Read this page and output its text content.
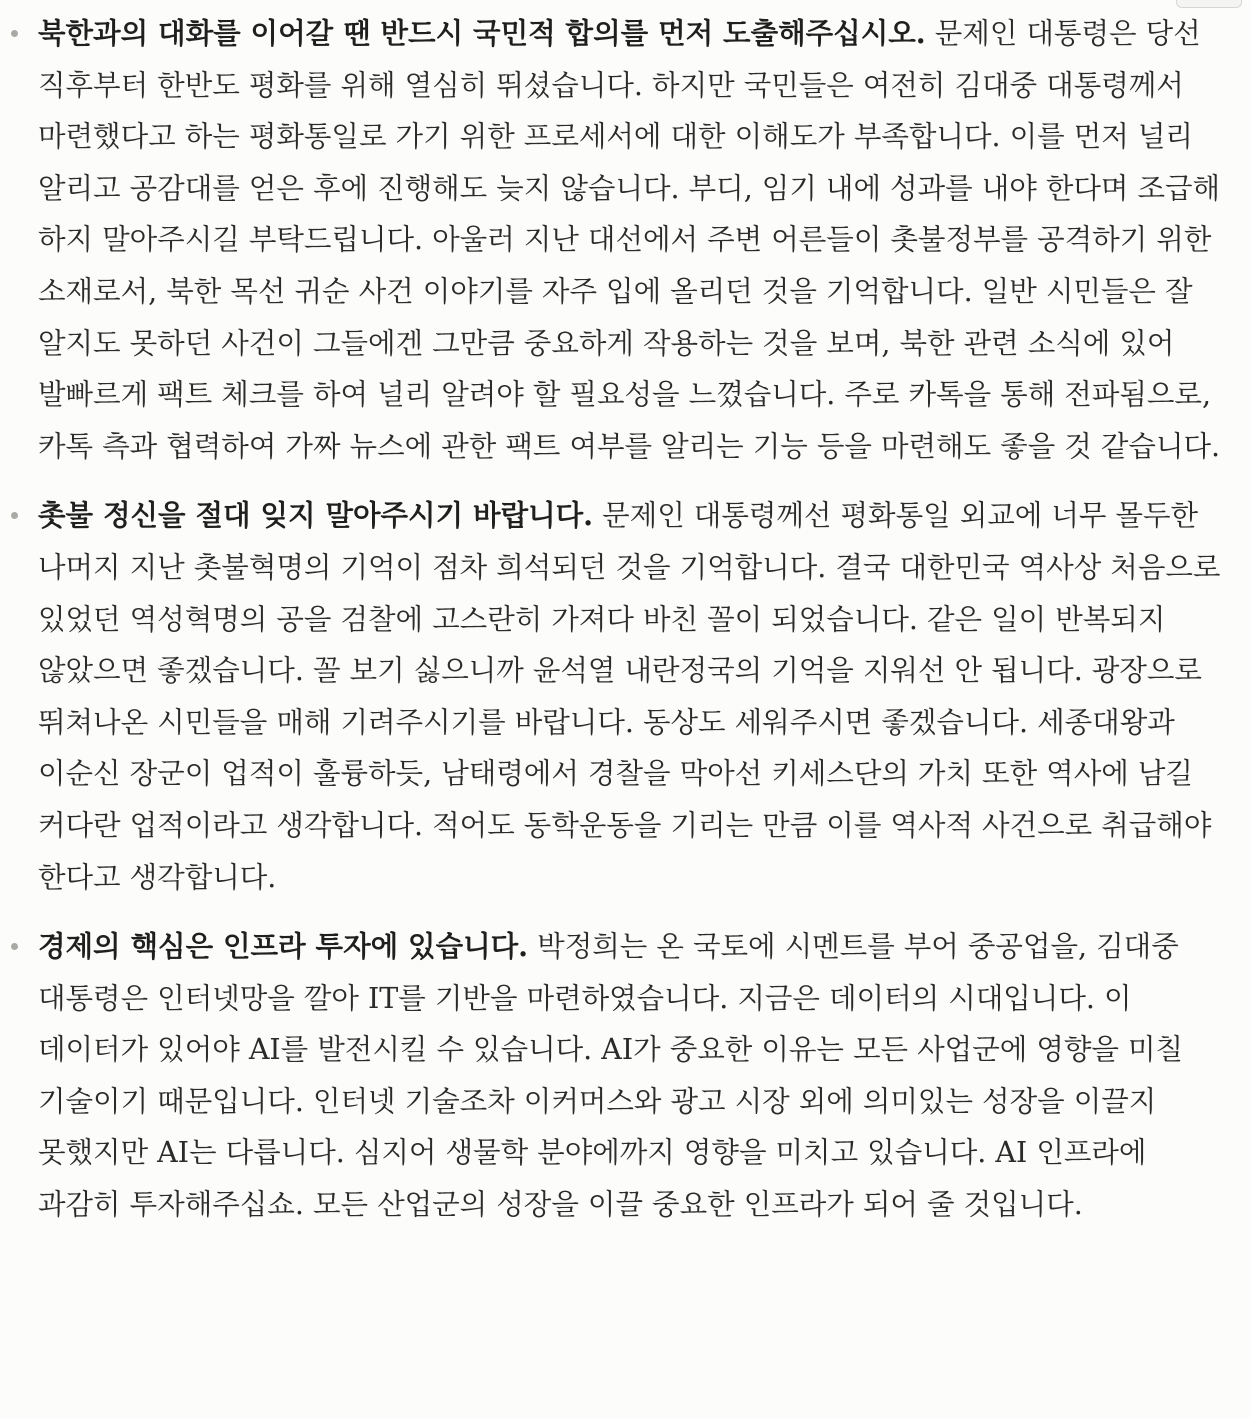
북한과의 대화를 이어갈 땐 반드시 국민적 합의를 먼저 도출해주십시오. 문제인 대통령은 당선 직후부터 한반도 평화를 위해 열심히 뛰셨습니다. 하지만 국민들은 여전히 김대중 대통령께서 마련했다고 하는 평화통일로 가기 위한 프로세서에 대한 이해도가 부족합니다. 이를 먼저 널리 알리고 공감대를 얻은 후에 진행해도 늦지 않습니다. 부디, 임기 내에 성과를 내야 한다며 조급해 하지 말아주시길 부탁드립니다. 아울러 지난 대선에서 주변 어른들이 촛불정부를 공격하기 위한 소재로서, 북한 목선 귀순 사건 이야기를 자주 입에 올리던 것을 기억합니다. 일반 시민들은 잘 알지도 못하던 사건이 그들에겐 그만큼 중요하게 작용하는 것을 보며, 북한 관련 소식에 있어 발빠르게 팩트 체크를 하여 널리 알려야 할 필요성을 느꼈습니다. 주로 카톡을 통해 전파됨으로, 카톡 측과 협력하여 가짜 뉴스에 관한 팩트 여부를 알리는 기능 등을 마련해도 좋을 것 같습니다.
촛불 정신을 절대 잊지 말아주시기 바랍니다. 문제인 대통령께선 평화통일 외교에 너무 몰두한 나머지 지난 촛불혁명의 기억이 점차 희석되던 것을 기억합니다. 결국 대한민국 역사상 처음으로 있었던 역성혁명의 공을 검찰에 고스란히 가져다 바친 꼴이 되었습니다. 같은 일이 반복되지 않았으면 좋겠습니다. 꼴 보기 싫으니까 윤석열 내란정국의 기억을 지워선 안 됩니다. 광장으로 뛰쳐나온 시민들을 매해 기려주시기를 바랍니다. 동상도 세워주시면 좋겠습니다. 세종대왕과 이순신 장군이 업적이 훌륭하듯, 남태령에서 경찰을 막아선 키세스단의 가치 또한 역사에 남길 커다란 업적이라고 생각합니다. 적어도 동학운동을 기리는 만큼 이를 역사적 사건으로 취급해야 한다고 생각합니다.
경제의 핵심은 인프라 투자에 있습니다. 박정희는 온 국토에 시멘트를 부어 중공업을, 김대중 대통령은 인터넷망을 깔아 IT를 기반을 마련하였습니다. 지금은 데이터의 시대입니다. 이 데이터가 있어야 AI를 발전시킬 수 있습니다. AI가 중요한 이유는 모든 사업군에 영향을 미칠 기술이기 때문입니다. 인터넷 기술조차 이커머스와 광고 시장 외에 의미있는 성장을 이끌지 못했지만 AI는 다릅니다. 심지어 생물학 분야에까지 영향을 미치고 있습니다. AI 인프라에 과감히 투자해주십쇼. 모든 산업군의 성장을 이끌 중요한 인프라가 되어 줄 것입니다.
